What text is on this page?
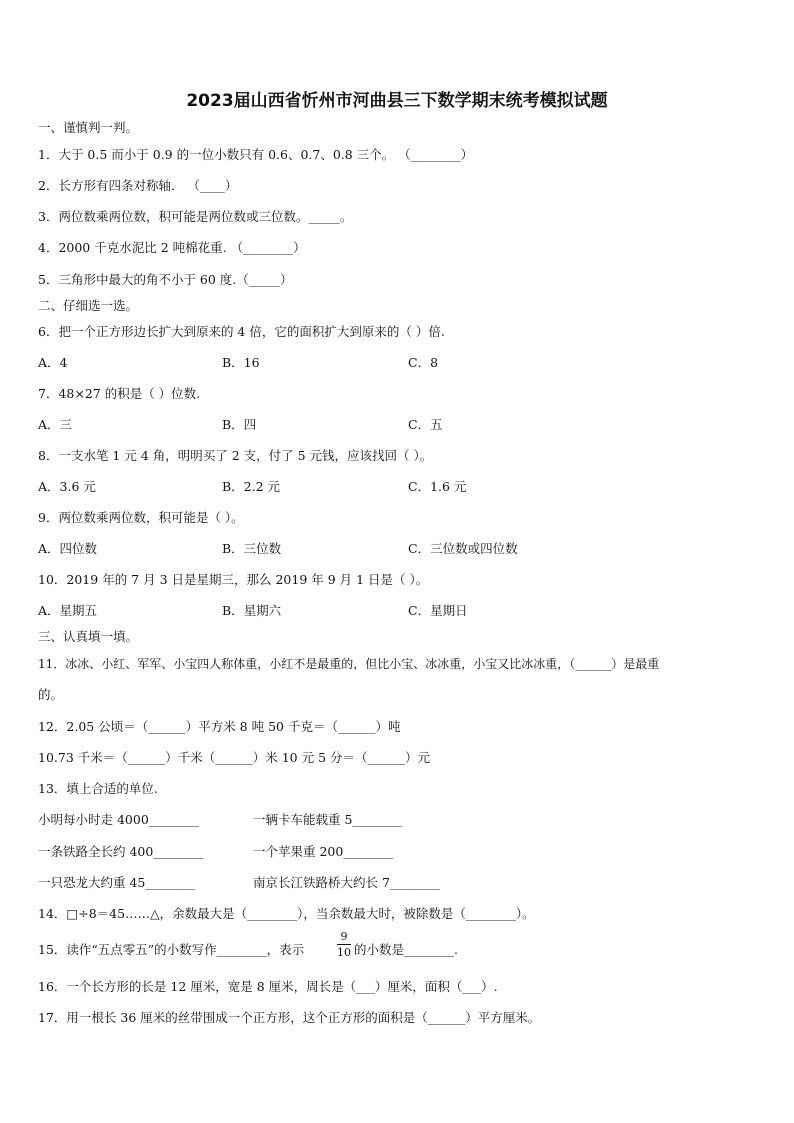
2023届山西省忻州市河曲县三下数学期末统考模拟试题
一、谨慎判一判。
1．大于 0.5 而小于 0.9 的一位小数只有 0.6、0.7、0.8 三个。 （________）
2．长方形有四条对称轴． （____）
3．两位数乘两位数，积可能是两位数或三位数。_____。
4．2000 千克水泥比 2 吨棉花重. （________）
5．三角形中最大的角不小于 60 度.（_____）
二、仔细选一选。
6．把一个正方形边长扩大到原来的 4 倍，它的面积扩大到原来的（ ）倍.
A．4	B．16	C．8
7．48×27 的积是（ ）位数.
A．三	B．四	C．五
8．一支水笔 1 元 4 角，明明买了 2 支，付了 5 元钱，应该找回（ ）。
A．3.6 元	B．2.2 元	C．1.6 元
9．两位数乘两位数，积可能是（ ）。
A．四位数	B．三位数	C．三位数或四位数
10．2019 年的 7 月 3 日是星期三，那么 2019 年 9 月 1 日是（ ）。
A．星期五	B．星期六	C．星期日
三、认真填一填。
11．冰冰、小红、军军、小宝四人称体重，小红不是最重的，但比小宝、冰冰重，小宝又比冰冰重，（______）是最重
的。
12．2.05 公顷＝（______）平方米 8 吨 50 千克＝（______）吨
10.73 千米＝（______）千米（______）米 10 元 5 分＝（______）元
13．填上合适的单位.
小明每小时走 4000________	一辆卡车能载重 5________
一条铁路全长约 400________	一个苹果重 200________
一只恐龙大约重 45________	南京长江铁路桥大约长 7________
14．□÷8＝45……△，余数最大是（________），当余数最大时，被除数是（________）。
15．读作“五点零五”的小数写作________，表示
9
10 的小数是________.
16．一个长方形的长是 12 厘米，宽是 8 厘米，周长是（___）厘米，面积（___）.
17．用一根长 36 厘米的丝带围成一个正方形，这个正方形的面积是（______）平方厘米。
